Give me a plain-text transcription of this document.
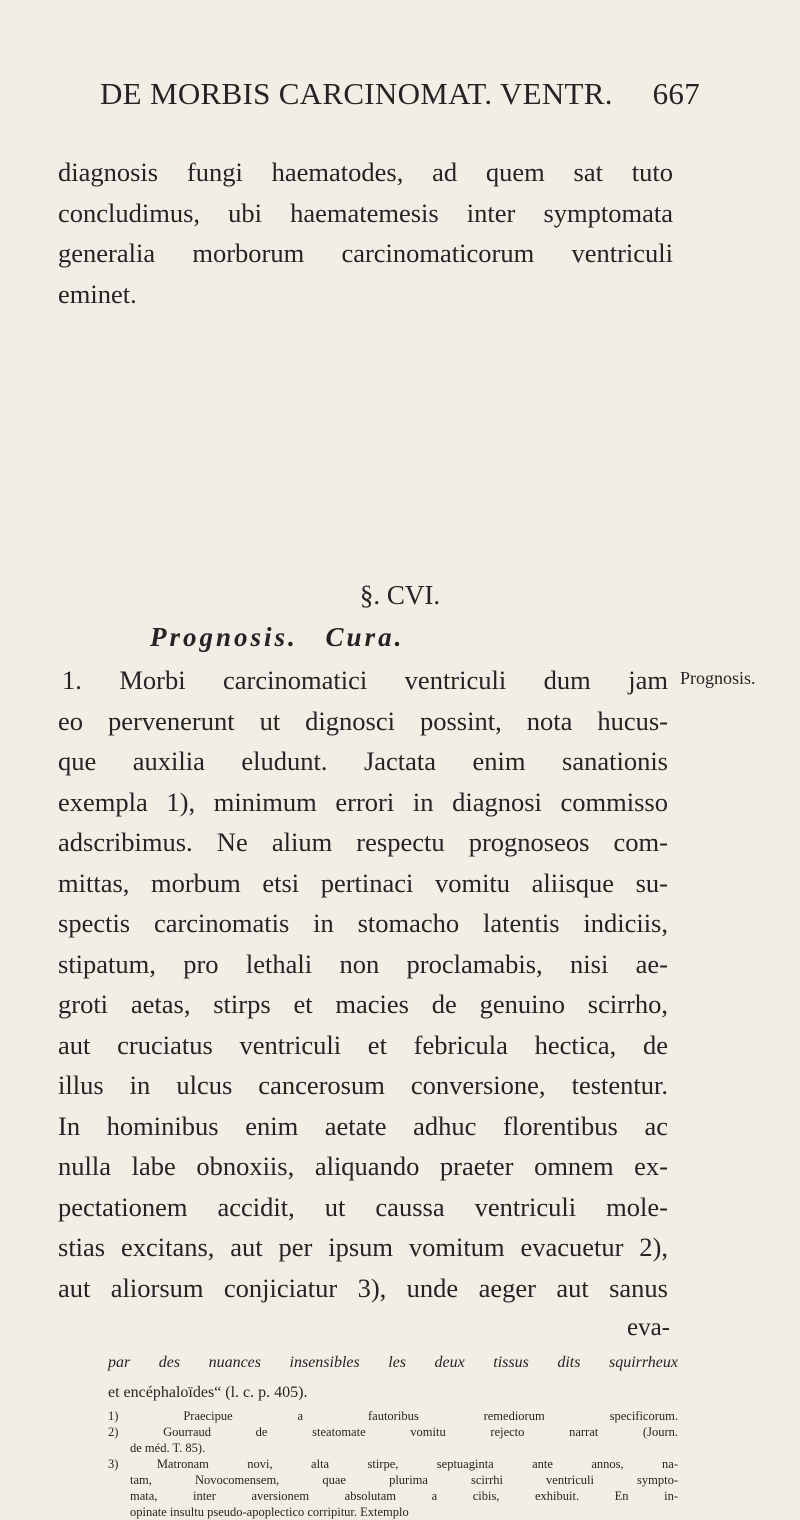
DE MORBIS CARCINOMAT. VENTR. 667
diagnosis fungi haematodes, ad quem sat tuto
concludimus, ubi haematemesis inter symptomata
generalia morborum carcinomaticorum ventriculi
eminet.
§. CVI.
Prognosis. Cura.
Prognosis.
1. Morbi carcinomatici ventriculi dum jam
eo pervenerunt ut dignosci possint, nota hucus-
que auxilia eludunt. Jactata enim sanationis
exempla 1), minimum errori in diagnosi commisso
adscribimus. Ne alium respectu prognoseos com-
mittas, morbum etsi pertinaci vomitu aliisque su-
spectis carcinomatis in stomacho latentis indiciis,
stipatum, pro lethali non proclamabis, nisi ae-
groti aetas, stirps et macies de genuino scirrho,
aut cruciatus ventriculi et febricula hectica, de
illus in ulcus cancerosum conversione, testentur.
In hominibus enim aetate adhuc florentibus ac
nulla labe obnoxiis, aliquando praeter omnem ex-
pectationem accidit, ut caussa ventriculi mole-
stias excitans, aut per ipsum vomitum evacuetur 2),
aut aliorsum conjiciatur 3), unde aeger aut sanus
eva-
par des nuances insensibles les deux tissus dits squirrheux
et encéphaloïdes“ (l. c. p. 405).
1) Praecipue a fautoribus remediorum specificorum.
2) Gourraud de steatomate vomitu rejecto narrat (Journ.
de méd. T. 85).
3) Matronam novi, alta stirpe, septuaginta ante annos, na-
tam, Novocomensem, quae plurima scirrhi ventriculi sympto-
mata, inter aversionem absolutam a cibis, exhibuit. En in-
opinate insultu pseudo-apoplectico corripitur. Extemplo
